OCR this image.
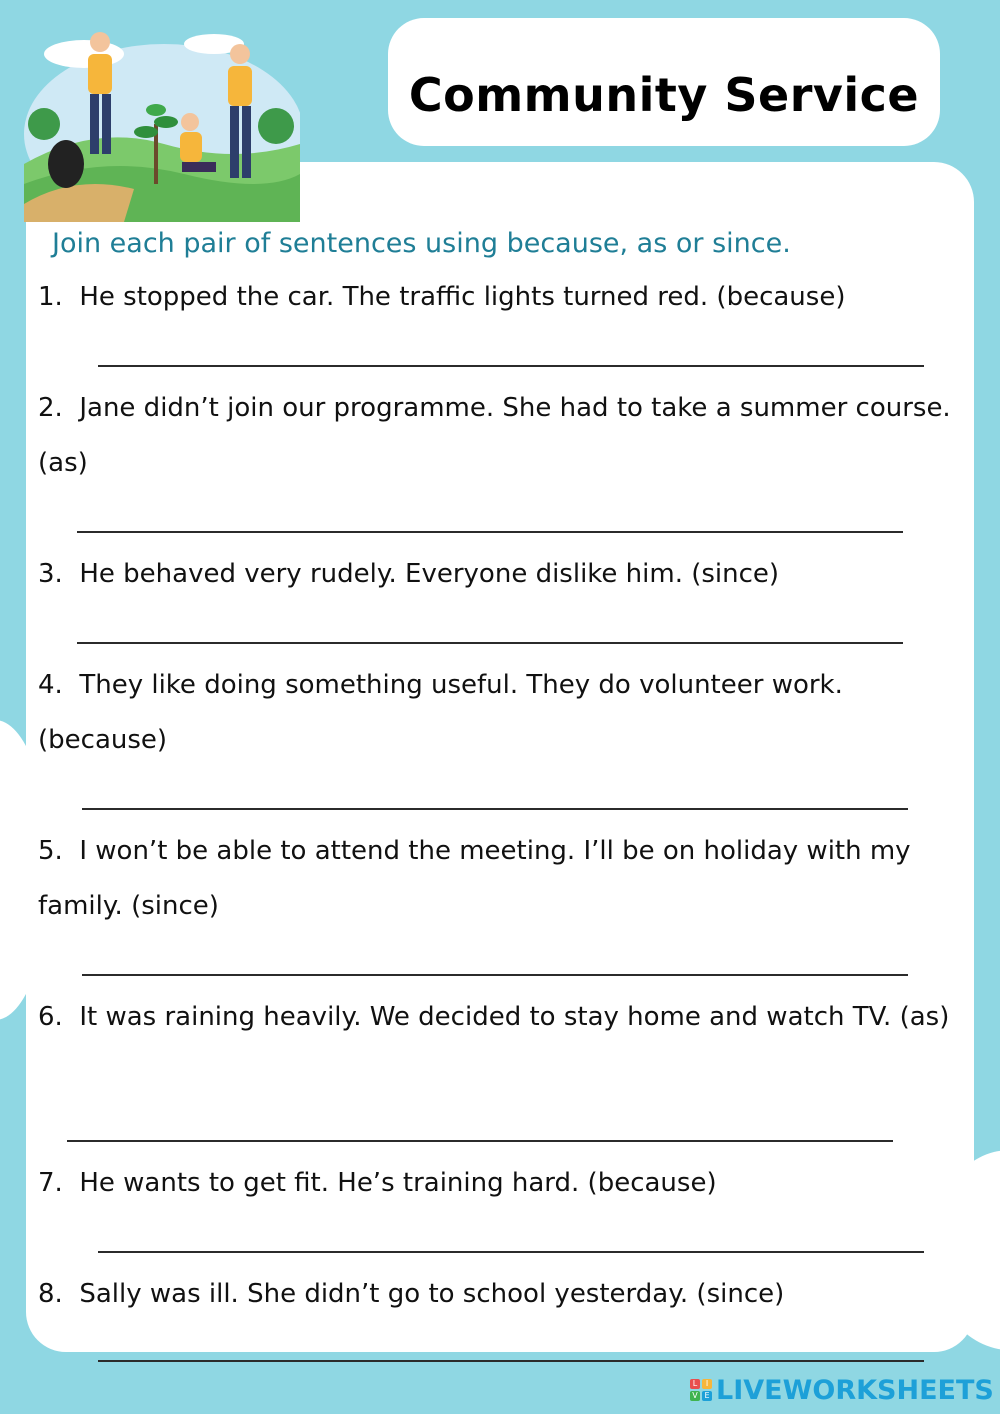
Community Service
Join each pair of sentences using because, as or since.
1. He stopped the car. The traffic lights turned red. (because)
2. Jane didn’t join our programme. She had to take a summer course. (as)
3. He behaved very rudely. Everyone dislike him. (since)
4. They like doing something useful. They do volunteer work. (because)
5. I won’t be able to attend the meeting. I’ll be on holiday with my family. (since)
6. It was raining heavily. We decided to stay home and watch TV. (as)
7. He wants to get fit. He’s training hard. (because)
8. Sally was ill. She didn’t go to school yesterday. (since)
L	I
V E LIVEWORKSHEETS
